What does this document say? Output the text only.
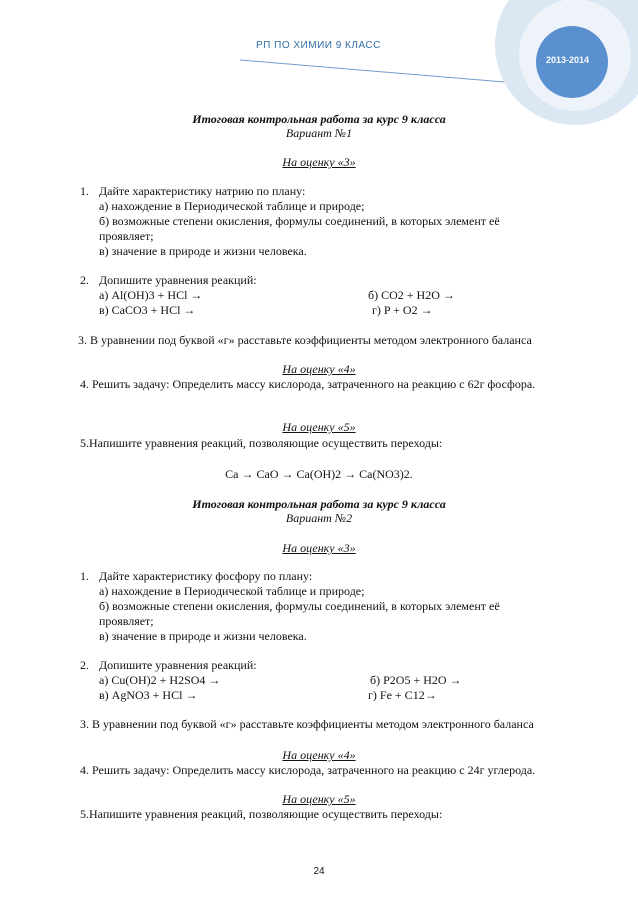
РП ПО ХИМИИ 9 КЛАСС
2013-2014
Итоговая контрольная работа за курс 9 класса
Вариант №1
На оценку «3»
1. Дайте характеристику натрию по плану:
а) нахождение в Периодической таблице и природе;
б) возможные степени окисления, формулы соединений, в которых элемент её
проявляет;
в) значение в природе и жизни человека.
2. Допишите уравнения реакций:
а) Al(OH)3 + HCl →	б) CO2 + H2O →
в) CaCO3 + HCl →	г) P + O2 →
3. В уравнении под буквой «г» расставьте коэффициенты методом электронного баланса
На оценку «4»
4. Решить задачу: Определить массу кислорода, затраченного на реакцию с 62г фосфора.
На оценку «5»
5.Напишите уравнения реакций, позволяющие осуществить переходы:
Ca → CaO → Ca(OH)2 → Ca(NO3)2.
Итоговая контрольная работа за курс 9 класса
Вариант №2
На оценку «3»
1. Дайте характеристику фосфору по плану:
а) нахождение в Периодической таблице и природе;
б) возможные степени окисления, формулы соединений, в которых элемент её
проявляет;
в) значение в природе и жизни человека.
2. Допишите уравнения реакций:
а) Cu(OH)2 + H2SO4 →	б) P2O5 + H2O →
в) AgNO3 + HCl →	г) Fe + C12→
3. В уравнении под буквой «г» расставьте коэффициенты методом электронного баланса
На оценку «4»
4. Решить задачу: Определить массу кислорода, затраченного на реакцию с 24г углерода.
На оценку «5»
5.Напишите уравнения реакций, позволяющие осуществить переходы:
24
